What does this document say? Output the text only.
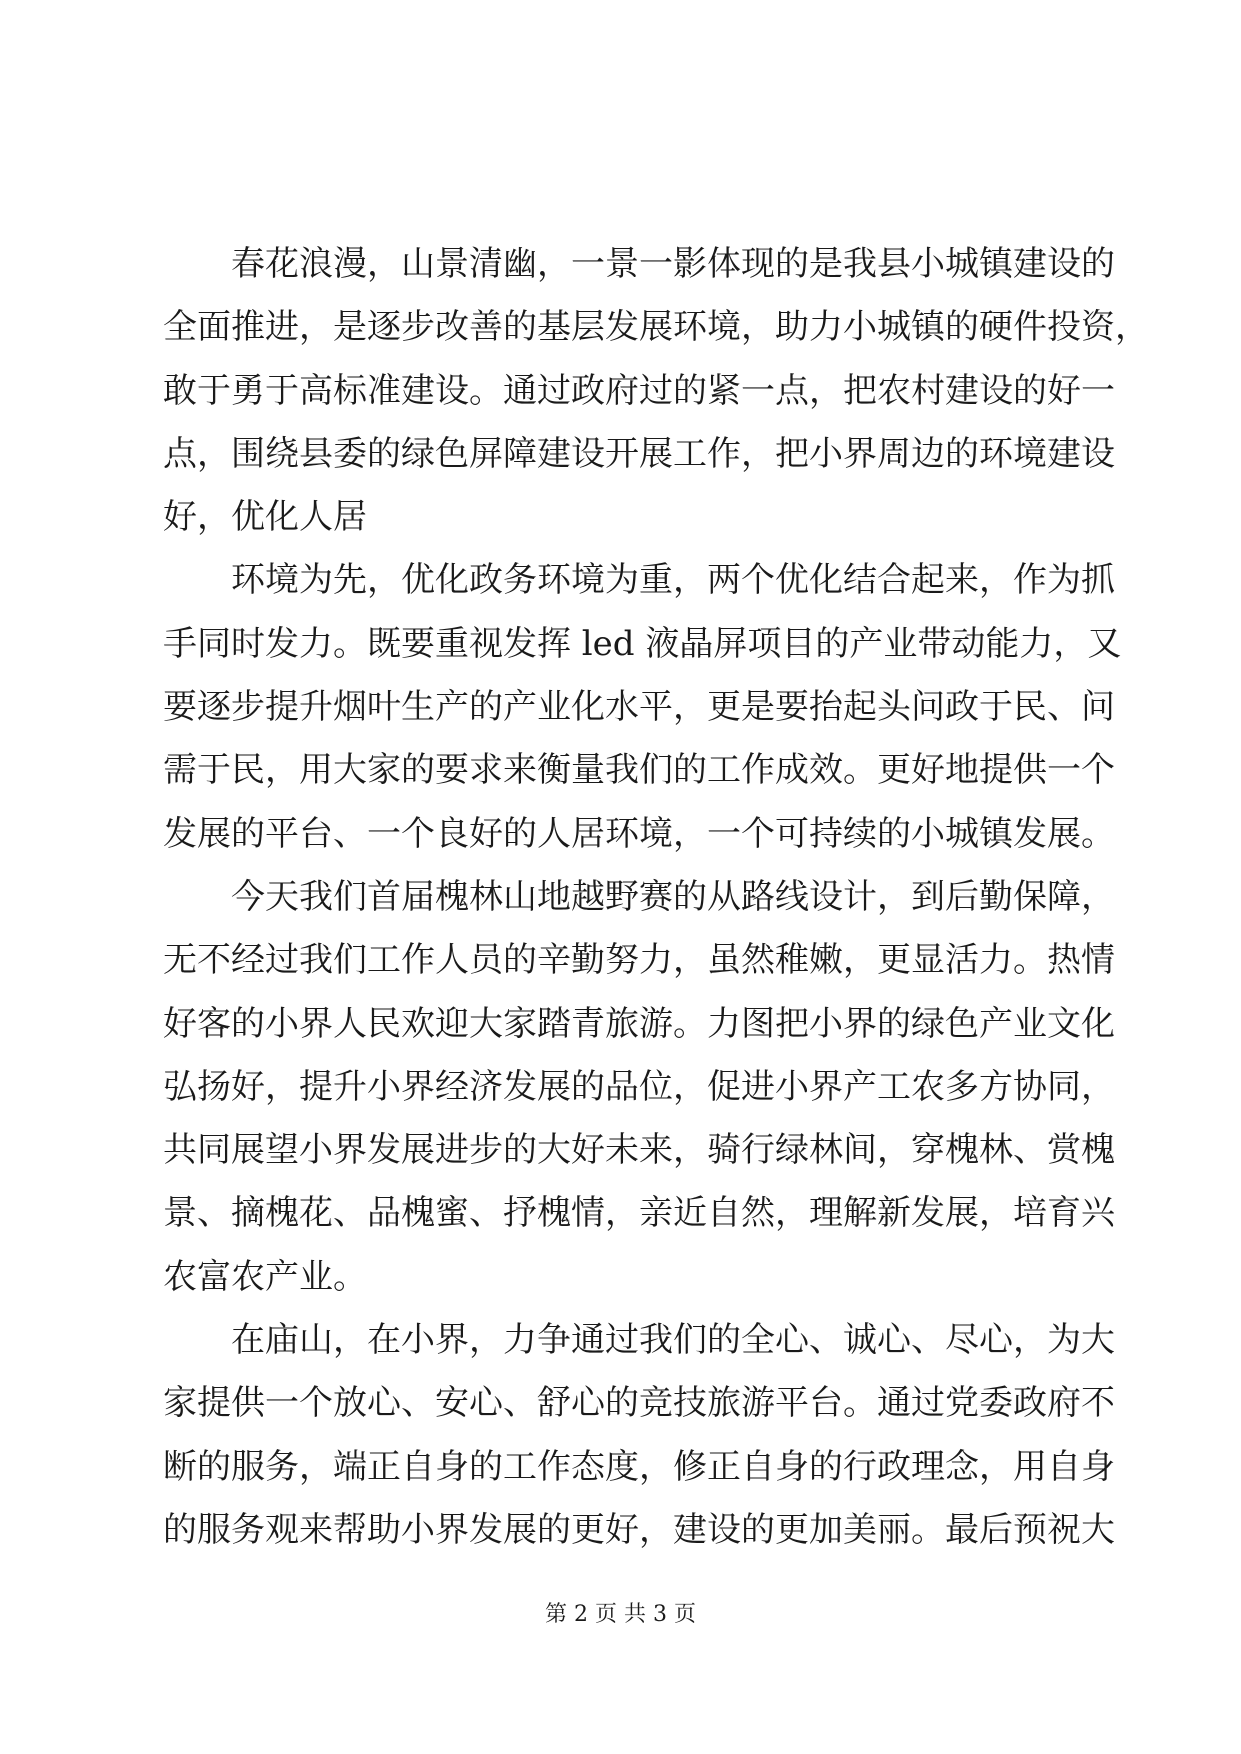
春花浪漫，山景清幽，一景一影体现的是我县小城镇建设的
全面推进，是逐步改善的基层发展环境，助力小城镇的硬件投资，
敢于勇于高标准建设。通过政府过的紧一点，把农村建设的好一
点，围绕县委的绿色屏障建设开展工作，把小界周边的环境建设
好，优化人居
环境为先，优化政务环境为重，两个优化结合起来，作为抓
手同时发力。既要重视发挥 led 液晶屏项目的产业带动能力，又
要逐步提升烟叶生产的产业化水平，更是要抬起头问政于民、问
需于民，用大家的要求来衡量我们的工作成效。更好地提供一个
发展的平台、一个良好的人居环境，一个可持续的小城镇发展。
今天我们首届槐林山地越野赛的从路线设计，到后勤保障，
无不经过我们工作人员的辛勤努力，虽然稚嫩，更显活力。热情
好客的小界人民欢迎大家踏青旅游。力图把小界的绿色产业文化
弘扬好，提升小界经济发展的品位，促进小界产工农多方协同，
共同展望小界发展进步的大好未来，骑行绿林间，穿槐林、赏槐
景、摘槐花、品槐蜜、抒槐情，亲近自然，理解新发展，培育兴
农富农产业。
在庙山，在小界，力争通过我们的全心、诚心、尽心，为大
家提供一个放心、安心、舒心的竞技旅游平台。通过党委政府不
断的服务，端正自身的工作态度，修正自身的行政理念，用自身
的服务观来帮助小界发展的更好，建设的更加美丽。最后预祝大
第 2 页 共 3 页
